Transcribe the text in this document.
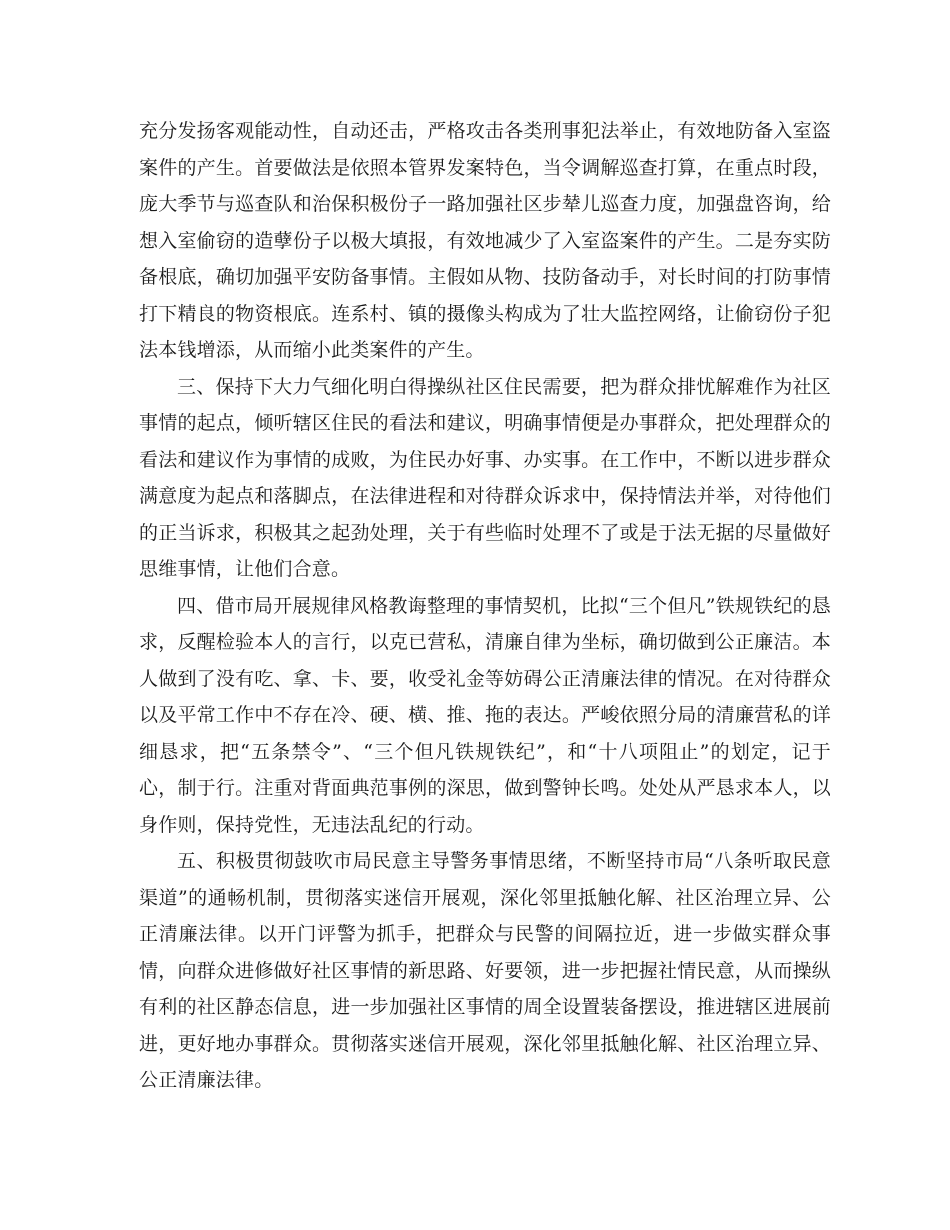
充分发扬客观能动性，自动还击，严格攻击各类刑事犯法举止，有效地防备入室盗案件的产生。首要做法是依照本管界发案特色，当令调解巡查打算，在重点时段，庞大季节与巡查队和治保积极份子一路加强社区步辇儿巡查力度，加强盘咨询，给想入室偷窃的造孽份子以极大填报，有效地减少了入室盗案件的产生。二是夯实防备根底，确切加强平安防备事情。主假如从物、技防备动手，对长时间的打防事情打下精良的物资根底。连系村、镇的摄像头构成为了壮大监控网络，让偷窃份子犯法本钱增添，从而缩小此类案件的产生。

三、保持下大力气细化明白得操纵社区住民需要，把为群众排忧解难作为社区事情的起点，倾听辖区住民的看法和建议，明确事情便是办事群众，把处理群众的看法和建议作为事情的成败，为住民办好事、办实事。在工作中，不断以进步群众满意度为起点和落脚点，在法律进程和对待群众诉求中，保持情法并举，对待他们的正当诉求，积极其之起劲处理，关于有些临时处理不了或是于法无据的尽量做好思维事情，让他们合意。

四、借市局开展规律风格教诲整理的事情契机，比拟“三个但凡”铁规铁纪的恳求，反醒检验本人的言行，以克已营私，清廉自律为坐标，确切做到公正廉洁。本人做到了没有吃、拿、卡、要，收受礼金等妨碍公正清廉法律的情况。在对待群众以及平常工作中不存在冷、硬、横、推、拖的表达。严峻依照分局的清廉营私的详细恳求，把“五条禁令”、“三个但凡铁规铁纪”，和“十八项阻止”的划定，记于心，制于行。注重对背面典范事例的深思，做到警钟长鸣。处处从严恳求本人，以身作则，保持党性，无违法乱纪的行动。

五、积极贯彻鼓吹市局民意主导警务事情思绪，不断坚持市局“八条听取民意渠道”的通畅机制，贯彻落实迷信开展观，深化邻里抵触化解、社区治理立异、公正清廉法律。以开门评警为抓手，把群众与民警的间隔拉近，进一步做实群众事情，向群众进修做好社区事情的新思路、好要领，进一步把握社情民意，从而操纵有利的社区静态信息，进一步加强社区事情的周全设置装备摆设，推进辖区进展前进，更好地办事群众。贯彻落实迷信开展观，深化邻里抵触化解、社区治理立异、公正清廉法律。
